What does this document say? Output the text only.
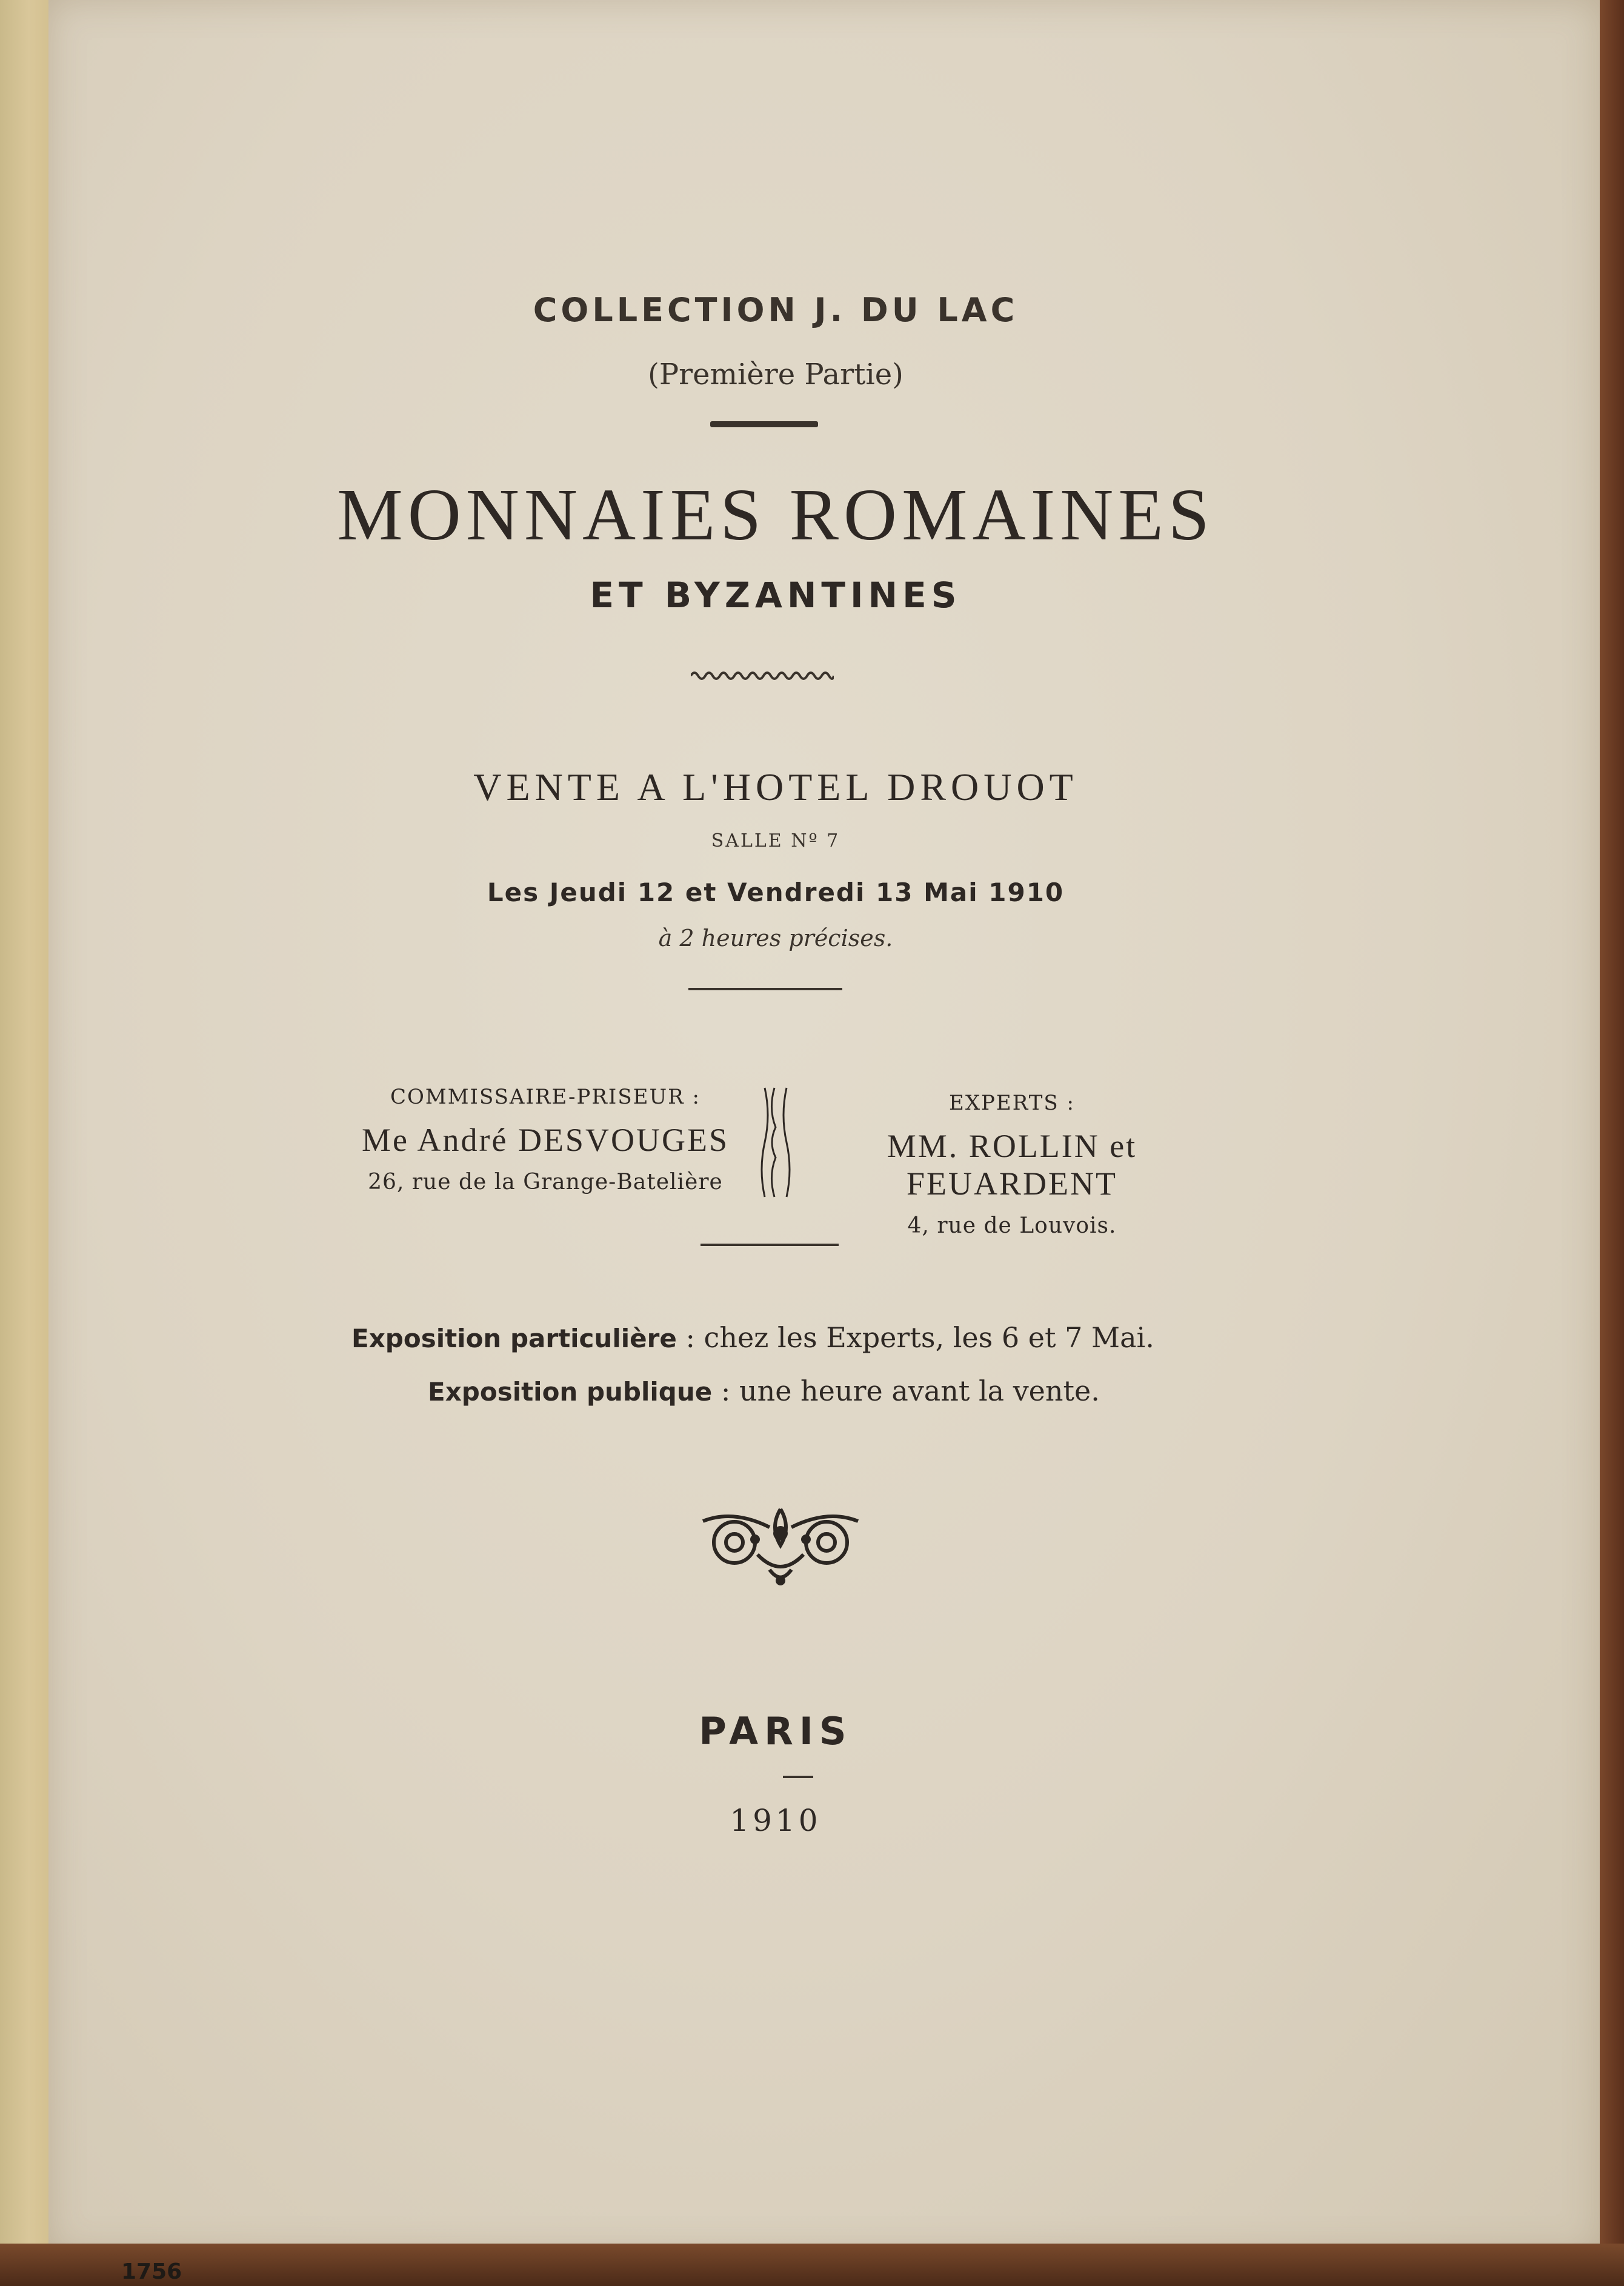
COLLECTION J. DU LAC
(Première Partie)
MONNAIES ROMAINES
ET BYZANTINES
VENTE A L'HOTEL DROUOT
SALLE Nº 7
Les Jeudi 12 et Vendredi 13 Mai 1910
à 2 heures précises.
COMMISSAIRE-PRISEUR :
Me André DESVOUGES
26, rue de la Grange-Batelière
EXPERTS :
MM. ROLLIN et FEUARDENT
4, rue de Louvois.
Exposition particulière : chez les Experts, les 6 et 7 Mai.
Exposition publique : une heure avant la vente.
PARIS
1910
1756
